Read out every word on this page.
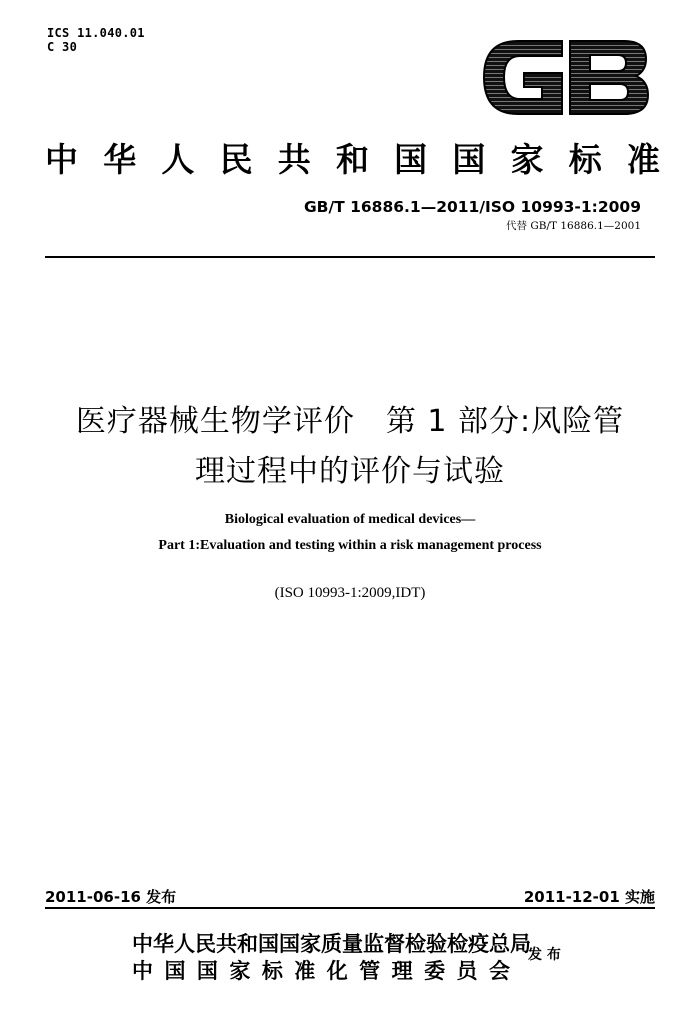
ICS 11.040.01
C 30
中 华 人 民 共 和 国 国 家 标 准
GB/T 16886.1—2011/ISO 10993-1:2009
代替 GB/T 16886.1—2001
医疗器械生物学评价　第 1 部分:风险管
理过程中的评价与试验
Biological evaluation of medical devices—
Part 1:Evaluation and testing within a risk management process
(ISO 10993-1:2009,IDT)
2011-06-16 发布	2011-12-01 实施
中华人民共和国国家质量监督检验检疫总局
中 国 国 家 标 准 化 管 理 委 员 会
发 布
